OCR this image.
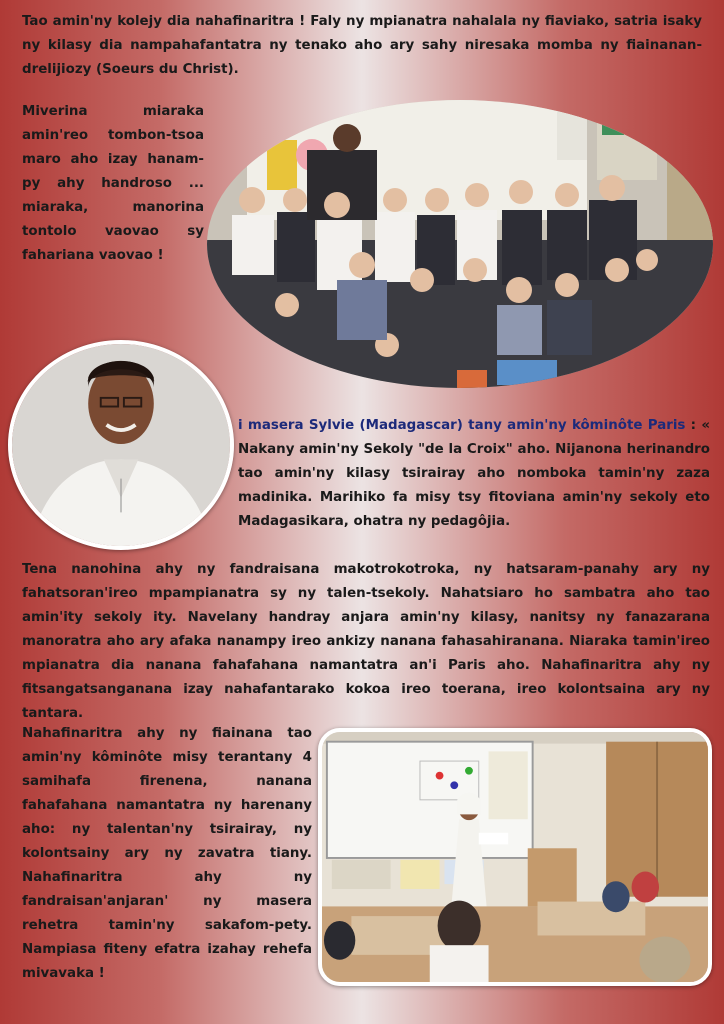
Tao amin'ny kolejy dia nahafinaritra ! Faly ny mpianatra nahalala ny fiaviako, satria isaky ny kilasy dia nampahafantatra ny tenako aho ary sahy niresaka momba ny fiainanan-drelijiozy (Soeurs du Christ).
Miverina miaraka amin'reo tombon-tsoa maro aho izay hanam-py ahy handroso ... miaraka, manorina tontolo vaovao sy fahariana vaovao !
i masera Sylvie (Madagascar) tany amin'ny kôminôte Paris : « Nakany amin'ny Sekoly "de la Croix" aho. Nijanona herinandro tao amin'ny kilasy tsirairay aho nomboka tamin'ny zaza madinika. Marihiko fa misy tsy fitoviana amin'ny sekoly eto Madagasikara, ohatra ny pedagôjia.
Tena nanohina ahy ny fandraisana makotrokotroka, ny hatsaram-panahy ary ny fahatsoran'ireo mpampianatra sy ny talen-tsekoly. Nahatsiaro ho sambatra aho tao amin'ity sekoly ity. Navelany handray anjara amin'ny kilasy, nanitsy ny fanazarana manoratra aho ary afaka nanampy ireo ankizy nanana fahasahiranana. Niaraka tamin'ireo mpianatra dia nanana fahafahana namantatra an'i Paris aho. Nahafinaritra ahy ny fitsangatsanganana izay nahafantarako kokoa ireo toerana, ireo kolontsaina ary ny tantara.
Nahafinaritra ahy ny fiainana tao amin'ny kôminôte misy terantany 4 samihafa firenena, nanana fahafahana namantatra ny harenany aho: ny talentan'ny tsirairay, ny kolontsainy ary ny zavatra tiany. Nahafinaritra ahy ny fandraisan'anjaran' ny masera rehetra tamin'ny sakafom-pety. Nampiasa fiteny efatra izahay rehefa mivavaka !
